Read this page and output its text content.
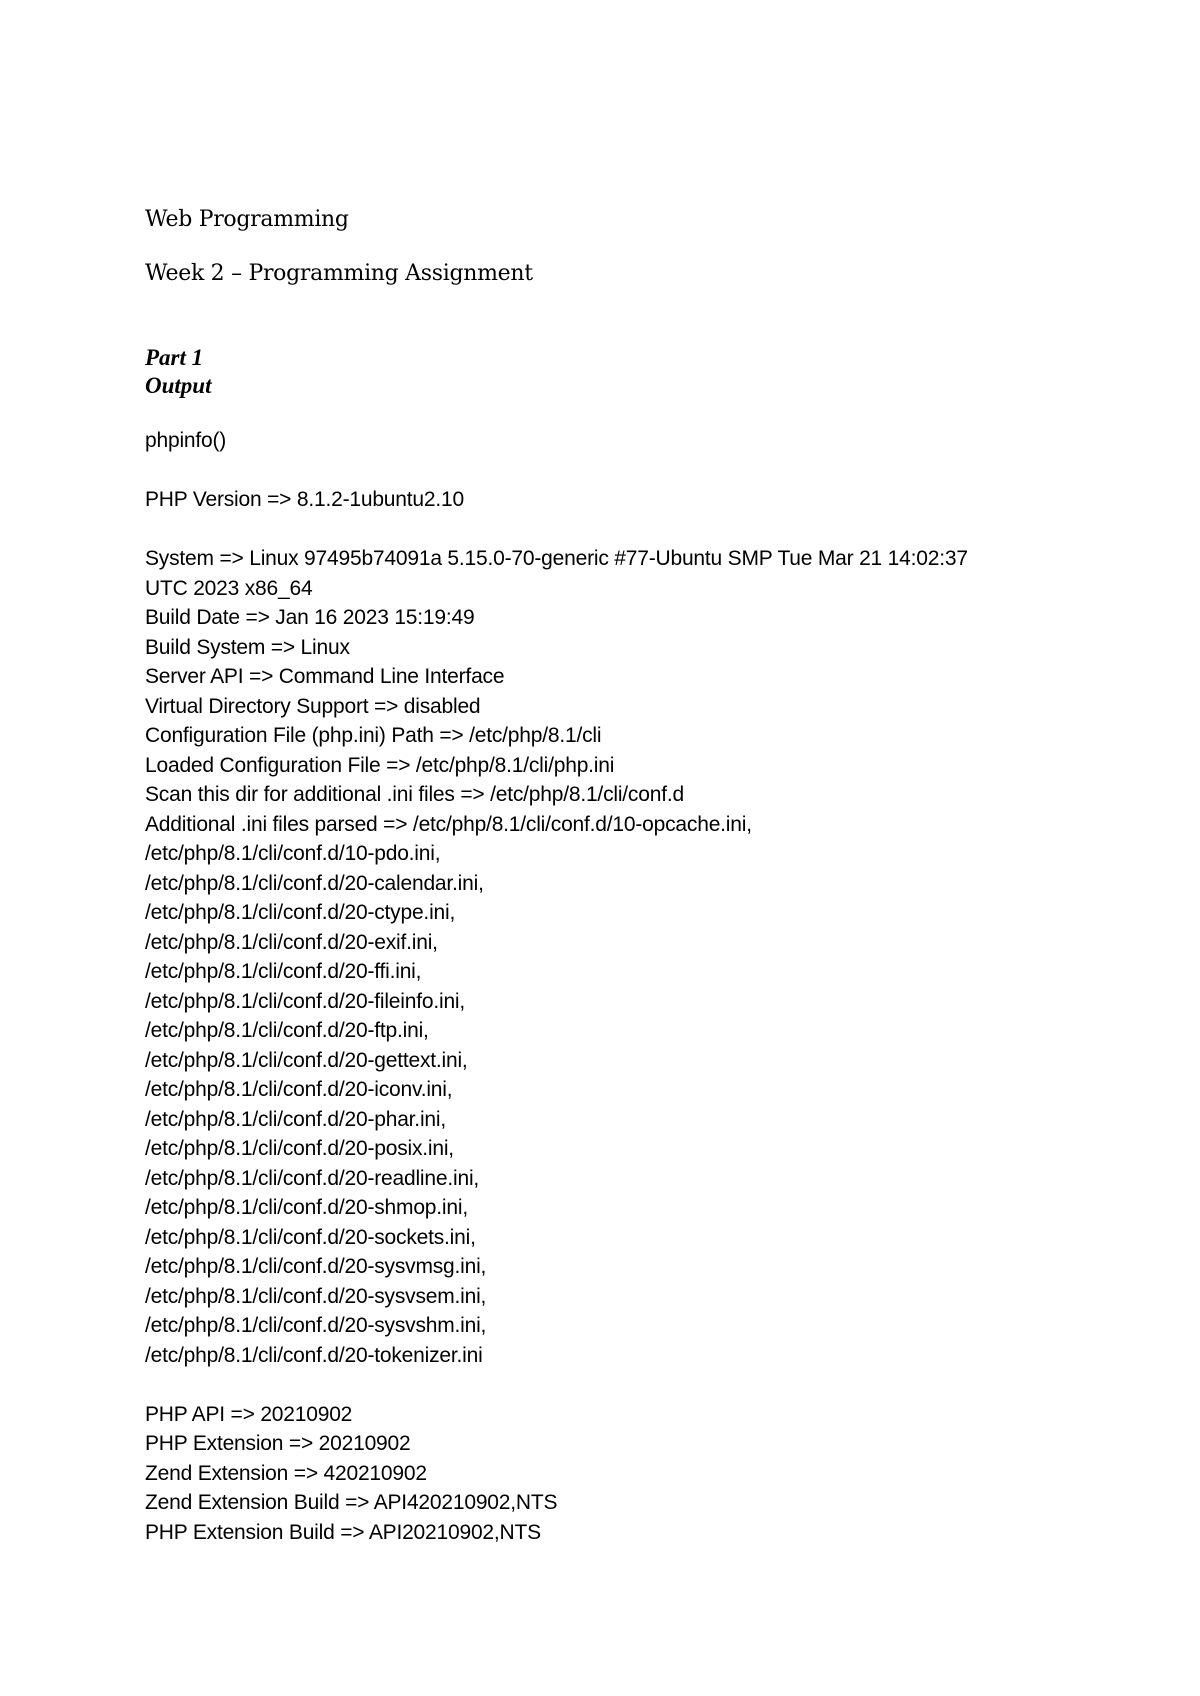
Web Programming
Week 2 – Programming Assignment
Part 1
Output
phpinfo()
PHP Version => 8.1.2-1ubuntu2.10
System => Linux 97495b74091a 5.15.0-70-generic #77-Ubuntu SMP Tue Mar 21 14:02:37
UTC 2023 x86_64
Build Date => Jan 16 2023 15:19:49
Build System => Linux
Server API => Command Line Interface
Virtual Directory Support => disabled
Configuration File (php.ini) Path => /etc/php/8.1/cli
Loaded Configuration File => /etc/php/8.1/cli/php.ini
Scan this dir for additional .ini files => /etc/php/8.1/cli/conf.d
Additional .ini files parsed => /etc/php/8.1/cli/conf.d/10-opcache.ini,
/etc/php/8.1/cli/conf.d/10-pdo.ini,
/etc/php/8.1/cli/conf.d/20-calendar.ini,
/etc/php/8.1/cli/conf.d/20-ctype.ini,
/etc/php/8.1/cli/conf.d/20-exif.ini,
/etc/php/8.1/cli/conf.d/20-ffi.ini,
/etc/php/8.1/cli/conf.d/20-fileinfo.ini,
/etc/php/8.1/cli/conf.d/20-ftp.ini,
/etc/php/8.1/cli/conf.d/20-gettext.ini,
/etc/php/8.1/cli/conf.d/20-iconv.ini,
/etc/php/8.1/cli/conf.d/20-phar.ini,
/etc/php/8.1/cli/conf.d/20-posix.ini,
/etc/php/8.1/cli/conf.d/20-readline.ini,
/etc/php/8.1/cli/conf.d/20-shmop.ini,
/etc/php/8.1/cli/conf.d/20-sockets.ini,
/etc/php/8.1/cli/conf.d/20-sysvmsg.ini,
/etc/php/8.1/cli/conf.d/20-sysvsem.ini,
/etc/php/8.1/cli/conf.d/20-sysvshm.ini,
/etc/php/8.1/cli/conf.d/20-tokenizer.ini
PHP API => 20210902
PHP Extension => 20210902
Zend Extension => 420210902
Zend Extension Build => API420210902,NTS
PHP Extension Build => API20210902,NTS
